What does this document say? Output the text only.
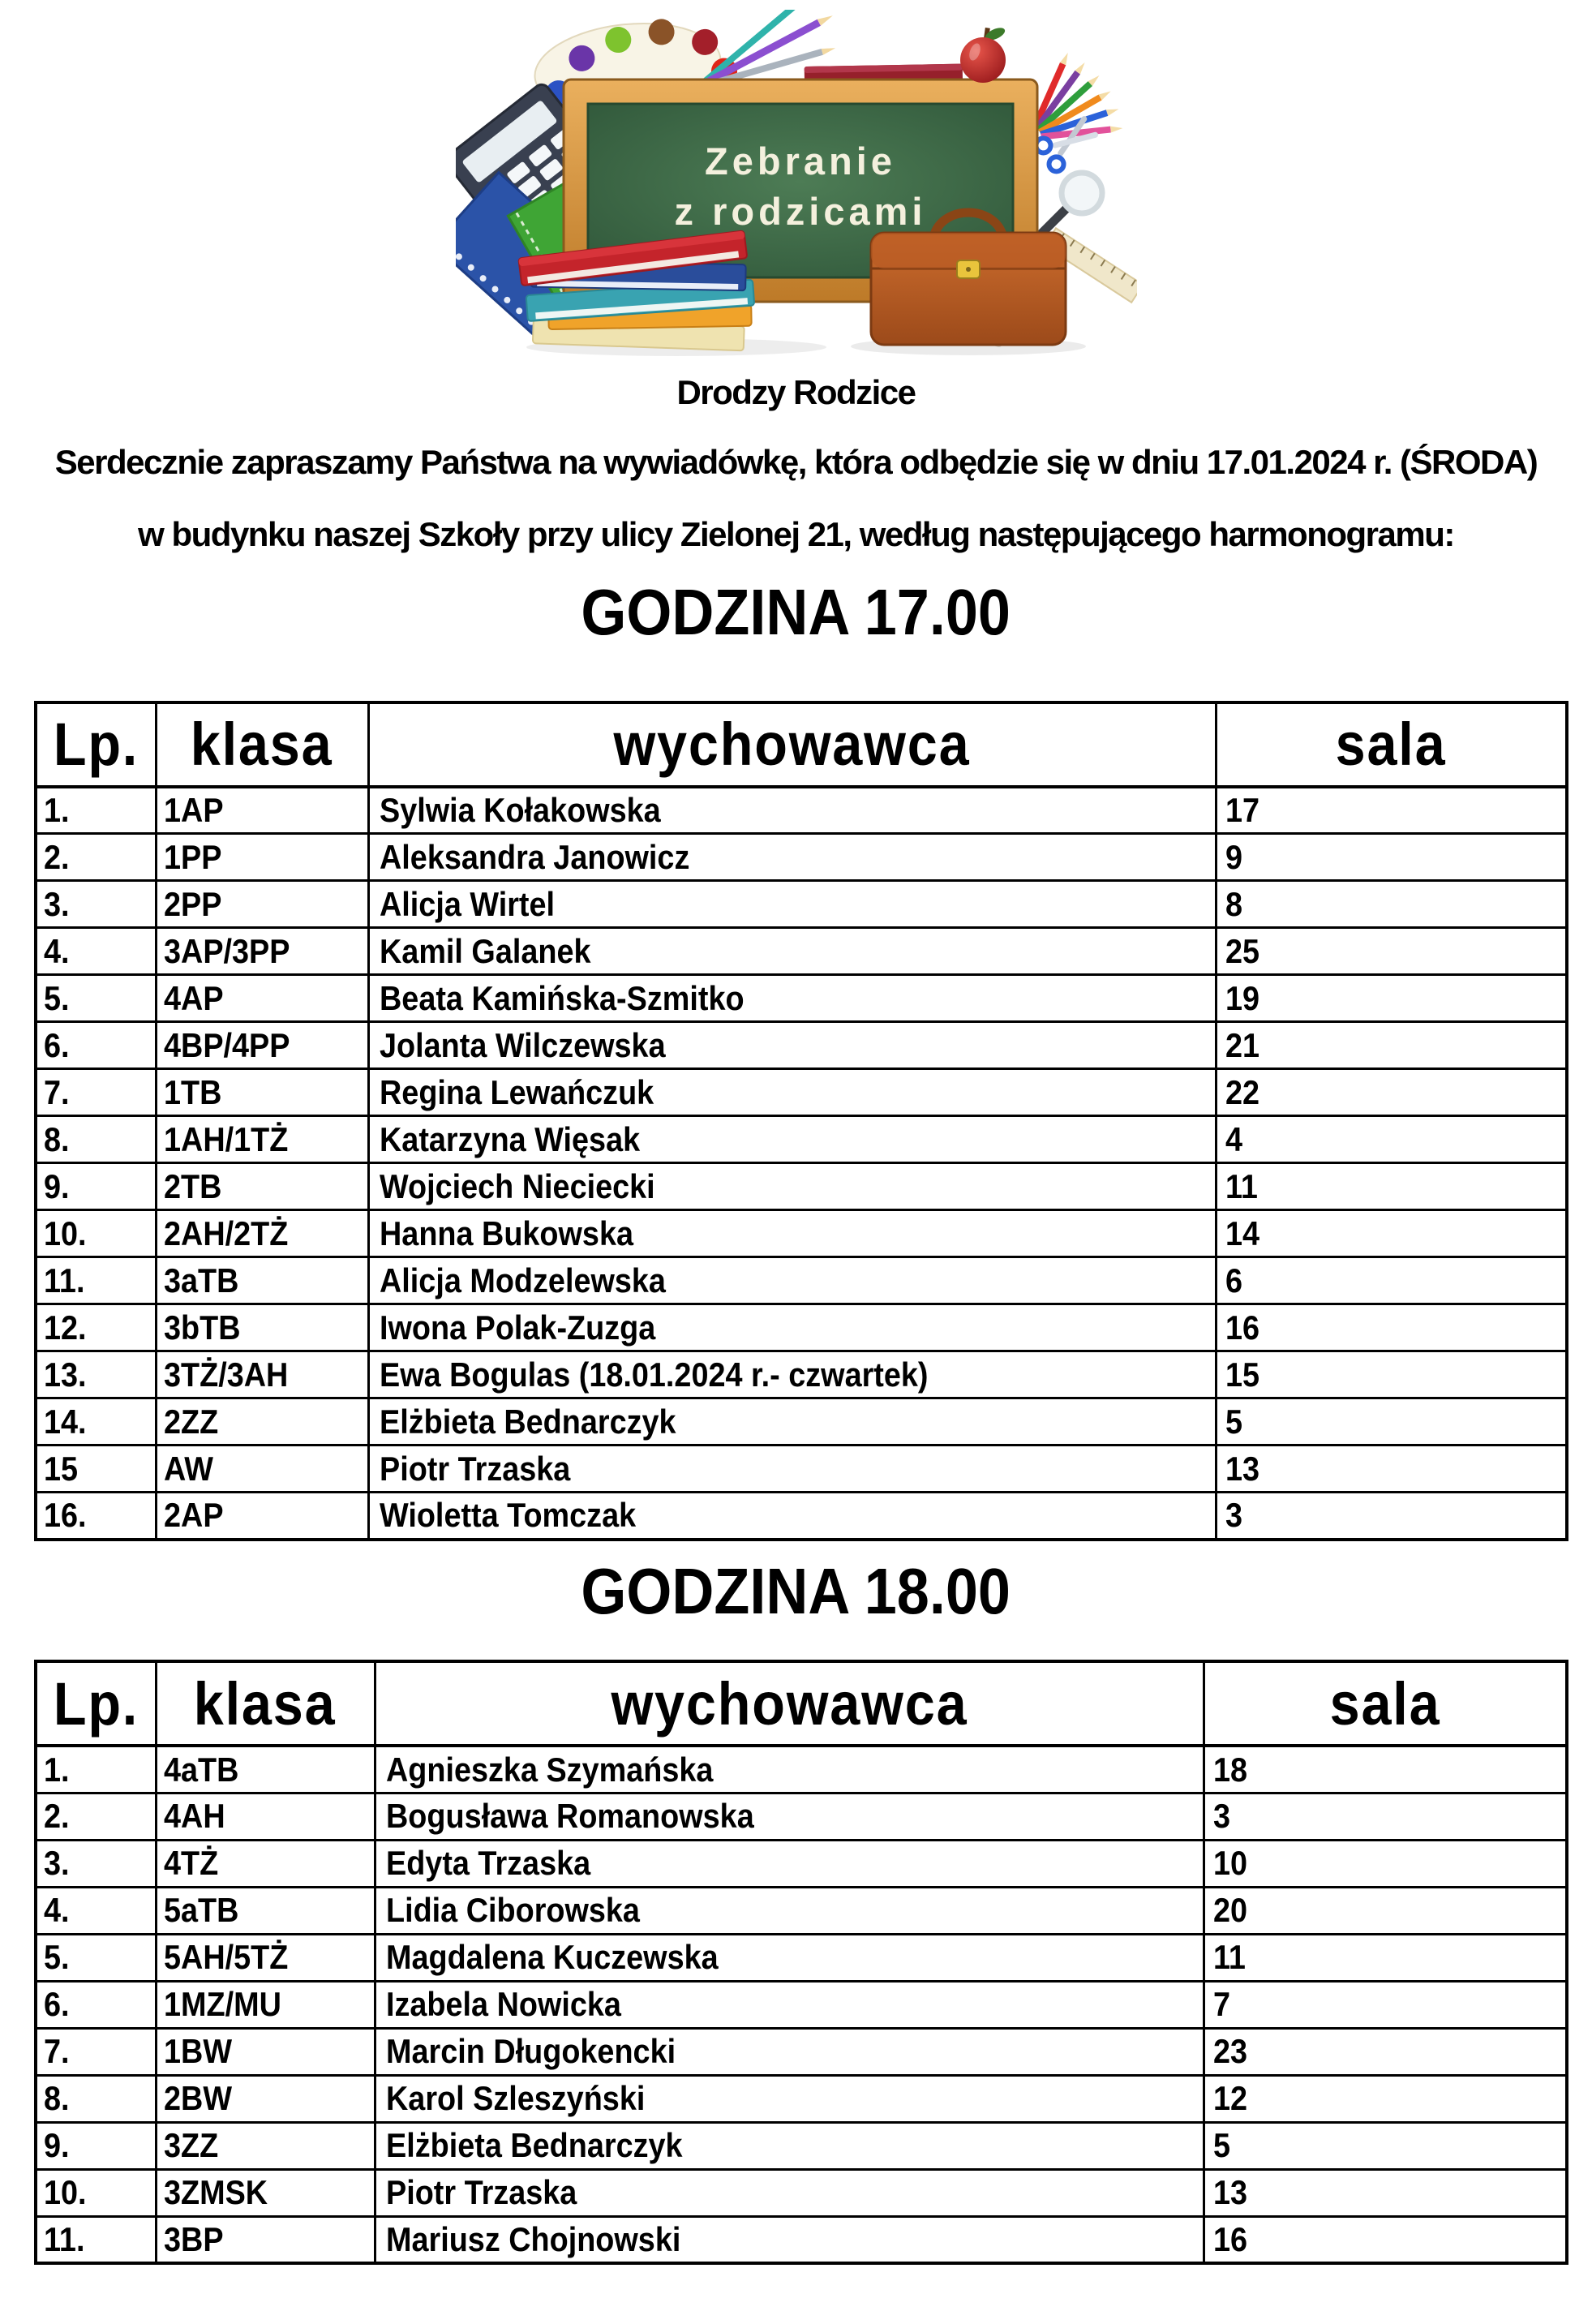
Zebranie
z rodzicami
Drodzy Rodzice
Serdecznie zapraszamy Państwa na wywiadówkę, która odbędzie się w dniu 17.01.2024 r. (ŚRODA)
w budynku naszej Szkoły przy ulicy Zielonej 21, według następującego harmonogramu:
GODZINA 17.00
Lp.	klasa	wychowawca	sala
1.	1AP	Sylwia Kołakowska	17
2.	1PP	Aleksandra Janowicz	9
3.	2PP	Alicja Wirtel	8
4.	3AP/3PP	Kamil Galanek	25
5.	4AP	Beata Kamińska-Szmitko	19
6.	4BP/4PP	Jolanta Wilczewska	21
7.	1TB	Regina Lewańczuk	22
8.	1AH/1TŻ	Katarzyna Więsak	4
9.	2TB	Wojciech Nieciecki	11
10.	2AH/2TŻ	Hanna Bukowska	14
11.	3aTB	Alicja Modzelewska	6
12.	3bTB	Iwona Polak-Zuzga	16
13.	3TŻ/3AH	Ewa Bogulas (18.01.2024 r.- czwartek)	15
14.	2ZZ	Elżbieta Bednarczyk	5
15	AW	Piotr Trzaska	13
16.	2AP	Wioletta Tomczak	3
GODZINA 18.00
Lp.	klasa	wychowawca	sala
1.	4aTB	Agnieszka Szymańska	18
2.	4AH	Bogusława Romanowska	3
3.	4TŻ	Edyta Trzaska	10
4.	5aTB	Lidia Ciborowska	20
5.	5AH/5TŻ	Magdalena Kuczewska	11
6.	1MZ/MU	Izabela Nowicka	7
7.	1BW	Marcin Długokencki	23
8.	2BW	Karol Szleszyński	12
9.	3ZZ	Elżbieta Bednarczyk	5
10.	3ZMSK	Piotr Trzaska	13
11.	3BP	Mariusz Chojnowski	16
